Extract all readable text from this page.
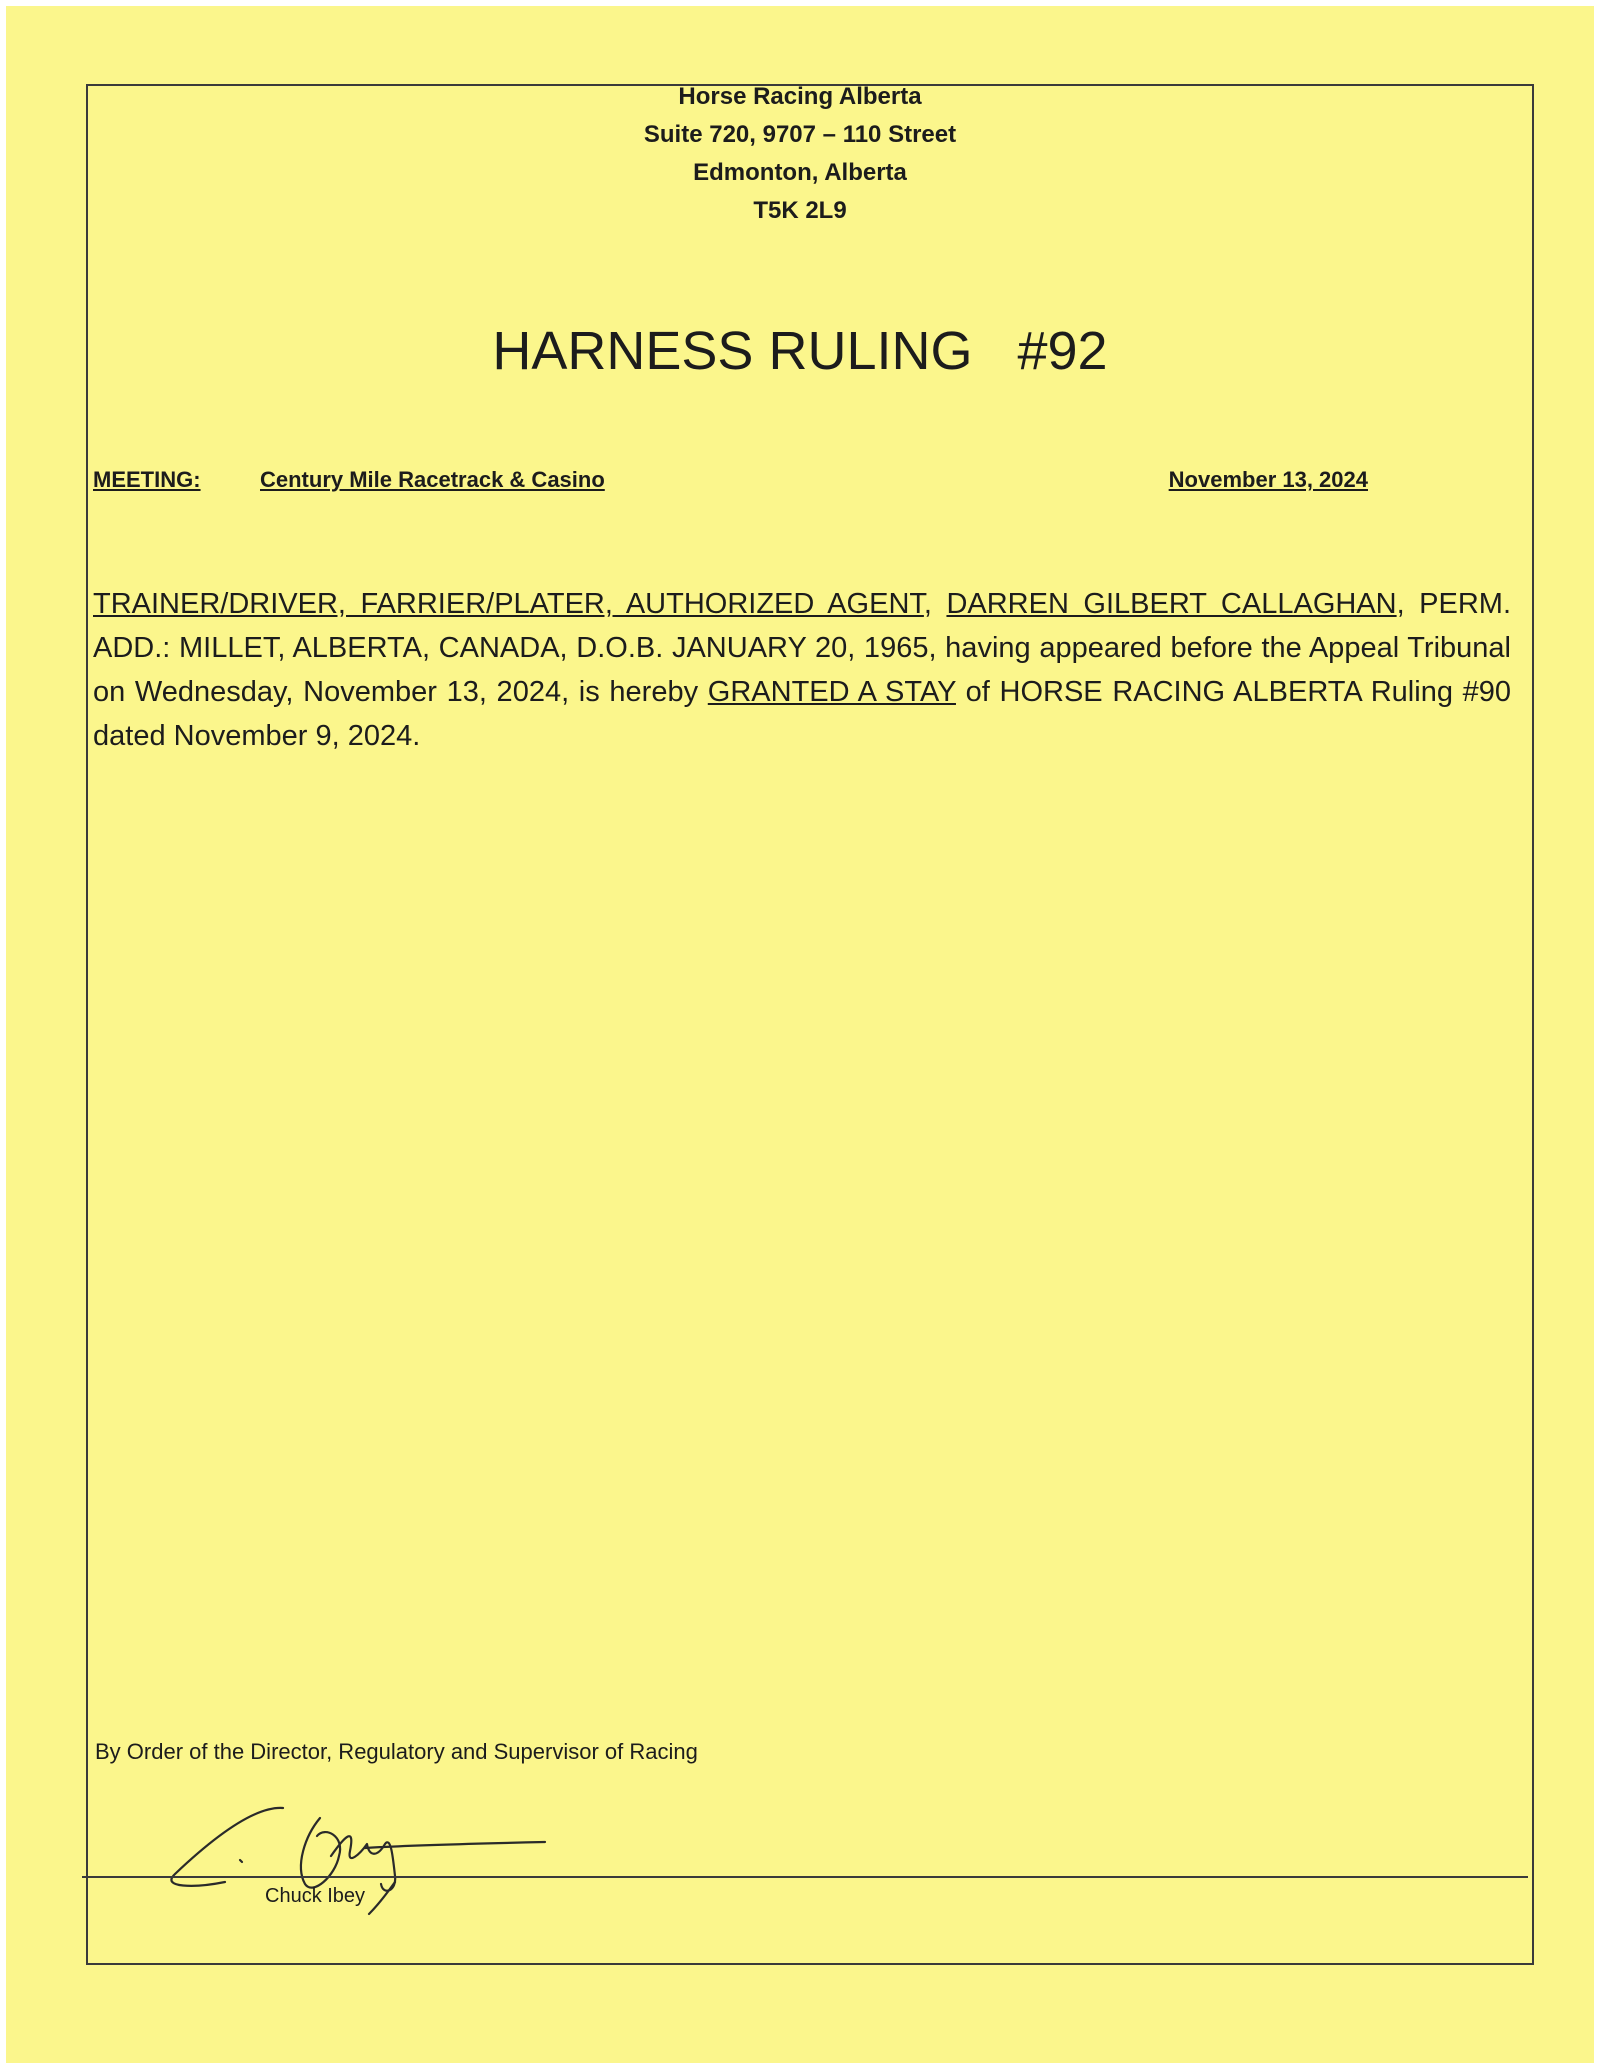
Horse Racing Alberta
Suite 720, 9707 – 110 Street
Edmonton, Alberta
T5K 2L9
HARNESS RULING   #92
MEETING:	Century Mile Racetrack & Casino	November 13, 2024
TRAINER/DRIVER, FARRIER/PLATER, AUTHORIZED AGENT, DARREN GILBERT CALLAGHAN, PERM. ADD.: MILLET, ALBERTA, CANADA, D.O.B. JANUARY 20, 1965, having appeared before the Appeal Tribunal on Wednesday, November 13, 2024, is hereby GRANTED A STAY of HORSE RACING ALBERTA Ruling #90 dated November 9, 2024.
By Order of the Director, Regulatory and Supervisor of Racing
Chuck Ibey
